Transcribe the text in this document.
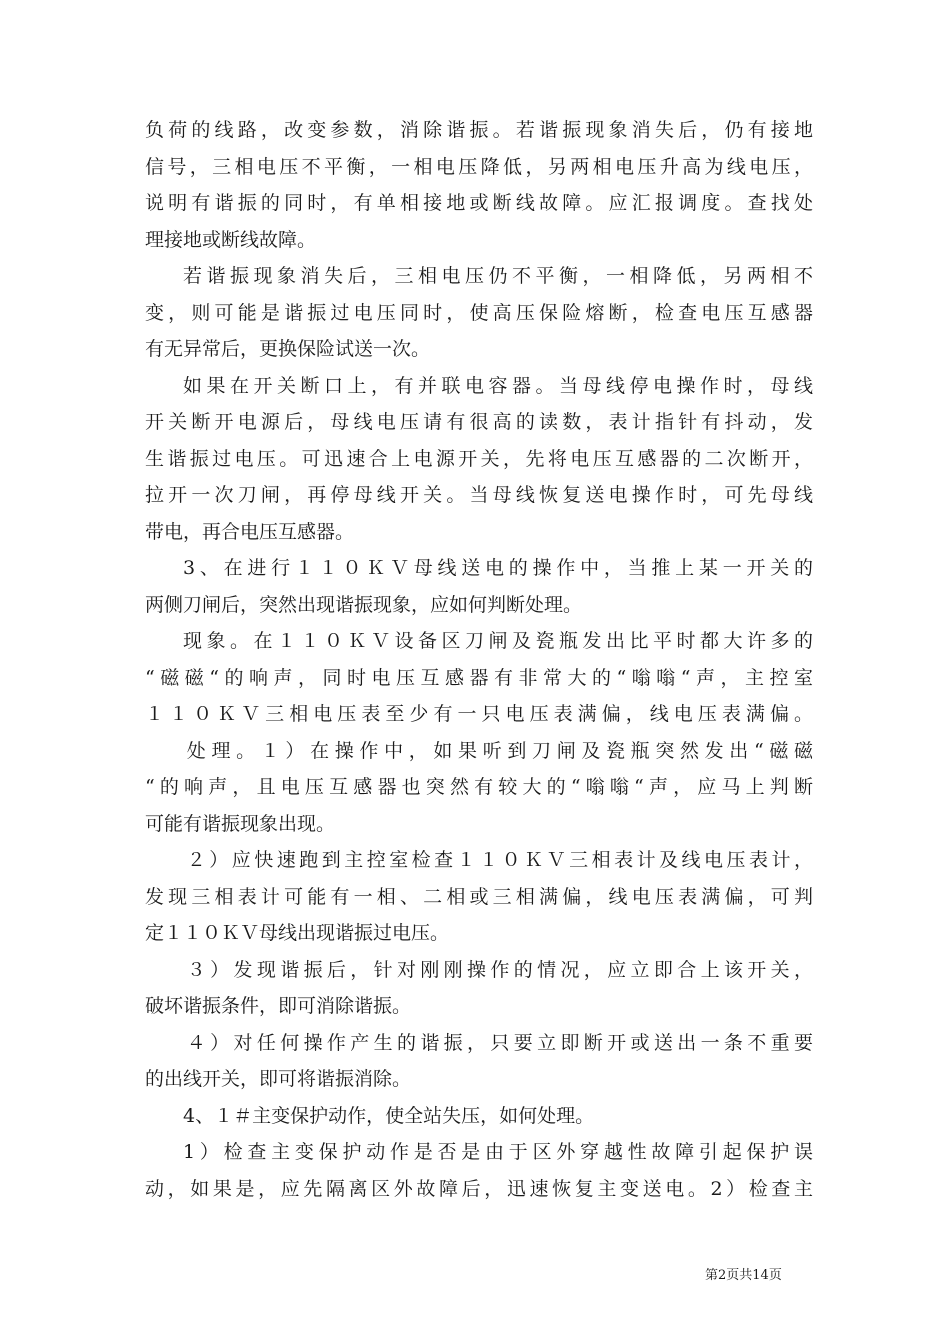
负荷的线路，改变参数，消除谐振。若谐振现象消失后，仍有接地
信号，三相电压不平衡，一相电压降低，另两相电压升高为线电压，
说明有谐振的同时，有单相接地或断线故障。应汇报调度。查找处
理接地或断线故障。
若谐振现象消失后，三相电压仍不平衡，一相降低，另两相不
变，则可能是谐振过电压同时，使高压保险熔断，检查电压互感器
有无异常后，更换保险试送一次。
如果在开关断口上，有并联电容器。当母线停电操作时，母线
开关断开电源后，母线电压请有很高的读数，表计指针有抖动，发
生谐振过电压。可迅速合上电源开关，先将电压互感器的二次断开，
拉开一次刀闸，再停母线开关。当母线恢复送电操作时，可先母线
带电，再合电压互感器。
3、在进行１１０ＫＶ母线送电的操作中，当推上某一开关的
两侧刀闸后，突然出现谐振现象，应如何判断处理。
现象。在１１０ＫＶ设备区刀闸及瓷瓶发出比平时都大许多的
“磁磁“的响声，同时电压互感器有非常大的“嗡嗡“声，主控室
１１０ＫＶ三相电压表至少有一只电压表满偏，线电压表满偏。
处理。１）在操作中，如果听到刀闸及瓷瓶突然发出“磁磁
“的响声，且电压互感器也突然有较大的“嗡嗡“声，应马上判断
可能有谐振现象出现。
２）应快速跑到主控室检查１１０ＫＶ三相表计及线电压表计，
发现三相表计可能有一相、二相或三相满偏，线电压表满偏，可判
定１１０ＫＶ母线出现谐振过电压。
３）发现谐振后，针对刚刚操作的情况，应立即合上该开关，
破坏谐振条件，即可消除谐振。
４）对任何操作产生的谐振，只要立即断开或送出一条不重要
的出线开关，即可将谐振消除。
4、１＃主变保护动作，使全站失压，如何处理。
1）检查主变保护动作是否是由于区外穿越性故障引起保护误
动，如果是，应先隔离区外故障后，迅速恢复主变送电。2）检查主
第2页共14页
